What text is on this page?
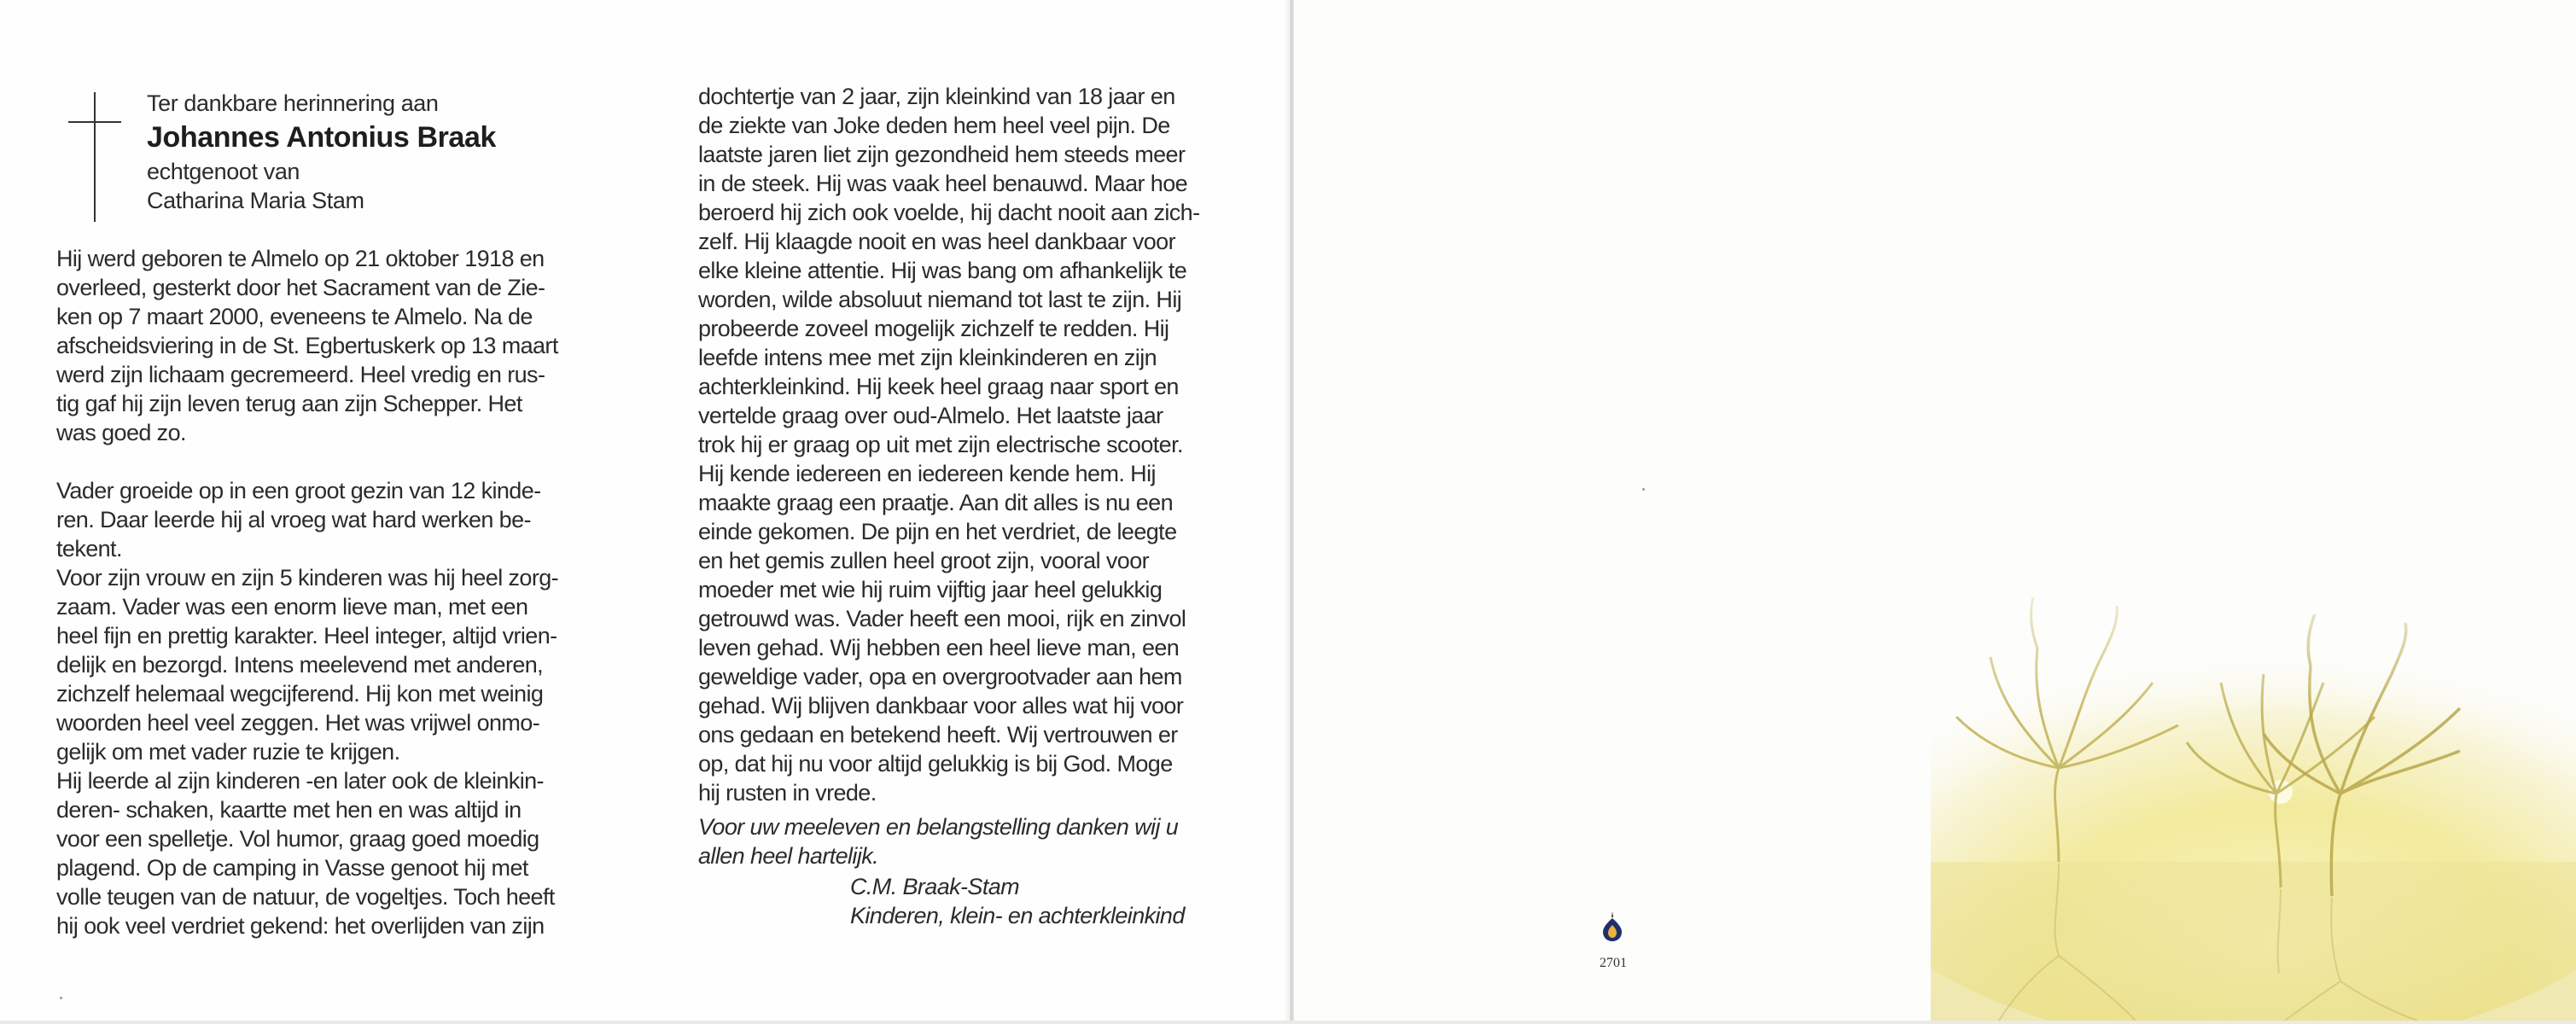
Ter dankbare herinnering aan
Johannes Antonius Braak
echtgenoot van
Catharina Maria Stam

Hij werd geboren te Almelo op 21 oktober 1918 en
overleed, gesterkt door het Sacrament van de Zie-
ken op 7 maart 2000, eveneens te Almelo. Na de
afscheidsviering in de St. Egbertuskerk op 13 maart
werd zijn lichaam gecremeerd. Heel vredig en rus-
tig gaf hij zijn leven terug aan zijn Schepper. Het
was goed zo.

Vader groeide op in een groot gezin van 12 kinde-
ren. Daar leerde hij al vroeg wat hard werken be-
tekent.

Voor zijn vrouw en zijn 5 kinderen was hij heel zorg-
zaam. Vader was een enorm lieve man, met een
heel fijn en prettig karakter. Heel integer, altijd vrien-
delijk en bezorgd. Intens meelevend met anderen,
zichzelf helemaal wegcijferend. Hij kon met weinig
woorden heel veel zeggen. Het was vrijwel onmo-
gelijk om met vader ruzie te krijgen.

Hij leerde al zijn kinderen -en later ook de kleinkin-
deren- schaken, kaartte met hen en was altijd in
voor een spelletje. Vol humor, graag goed moedig
plagend. Op de camping in Vasse genoot hij met
volle teugen van de natuur, de vogeltjes. Toch heeft
hij ook veel verdriet gekend: het overlijden van zijn

dochtertje van 2 jaar, zijn kleinkind van 18 jaar en
de ziekte van Joke deden hem heel veel pijn. De
laatste jaren liet zijn gezondheid hem steeds meer
in de steek. Hij was vaak heel benauwd. Maar hoe
beroerd hij zich ook voelde, hij dacht nooit aan zich-
zelf. Hij klaagde nooit en was heel dankbaar voor
elke kleine attentie. Hij was bang om afhankelijk te
worden, wilde absoluut niemand tot last te zijn. Hij
probeerde zoveel mogelijk zichzelf te redden. Hij
leefde intens mee met zijn kleinkinderen en zijn
achterkleinkind. Hij keek heel graag naar sport en
vertelde graag over oud-Almelo. Het laatste jaar
trok hij er graag op uit met zijn electrische scooter.
Hij kende iedereen en iedereen kende hem. Hij
maakte graag een praatje. Aan dit alles is nu een
einde gekomen. De pijn en het verdriet, de leegte
en het gemis zullen heel groot zijn, vooral voor
moeder met wie hij ruim vijftig jaar heel gelukkig
getrouwd was. Vader heeft een mooi, rijk en zinvol
leven gehad. Wij hebben een heel lieve man, een
geweldige vader, opa en overgrootvader aan hem
gehad. Wij blijven dankbaar voor alles wat hij voor
ons gedaan en betekend heeft. Wij vertrouwen er
op, dat hij nu voor altijd gelukkig is bij God. Moge
hij rusten in vrede.

Voor uw meeleven en belangstelling danken wij u
allen heel hartelijk.

C.M. Braak-Stam
Kinderen, klein- en achterkleinkind
2701
